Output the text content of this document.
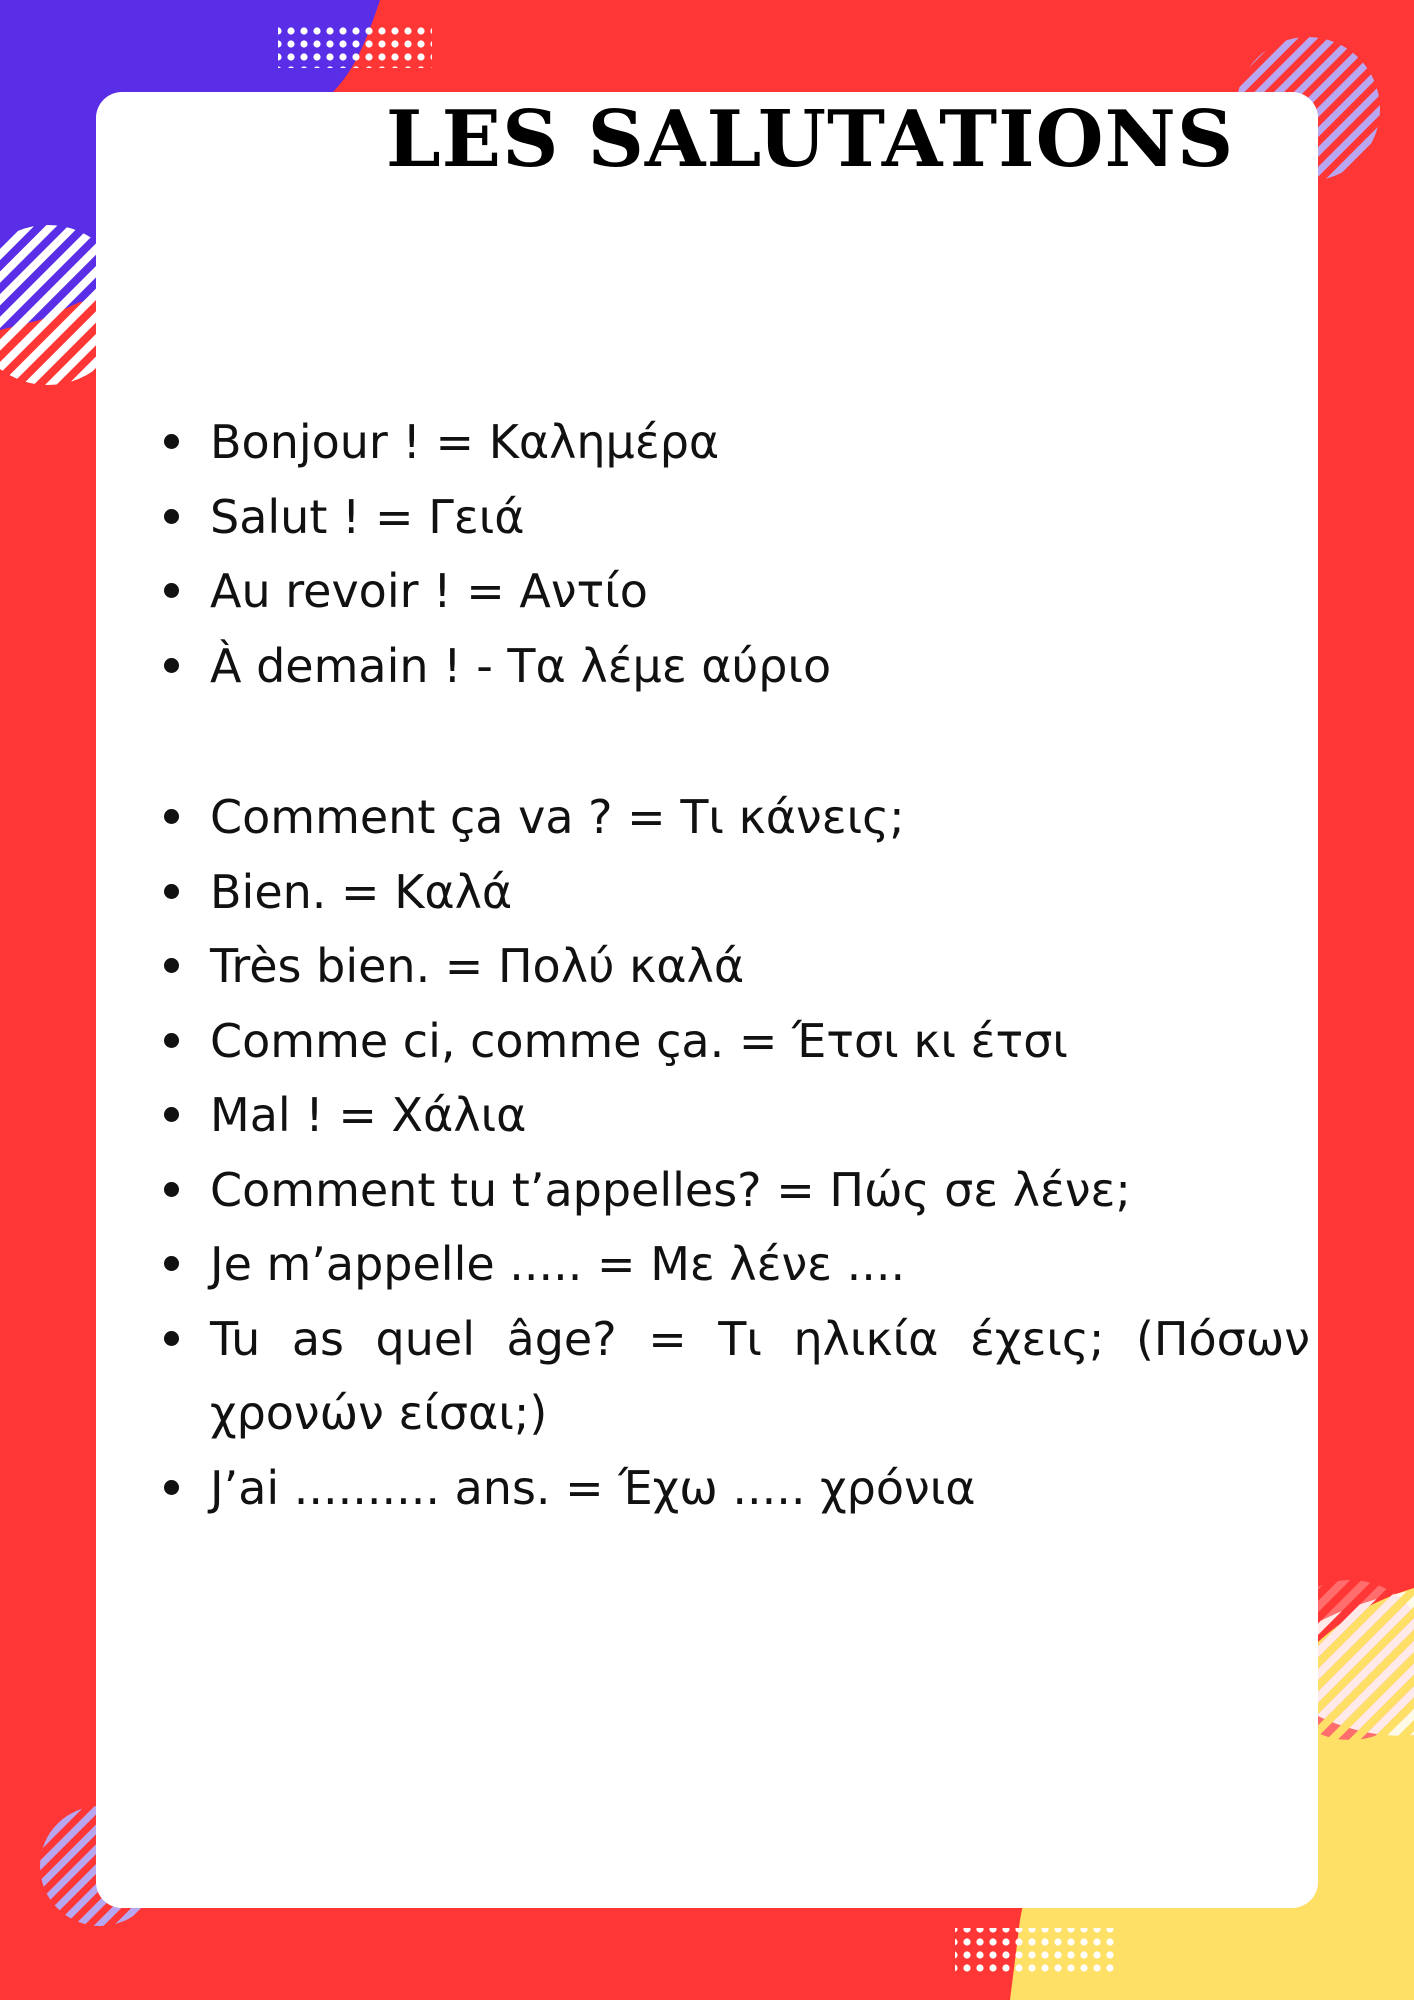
LES SALUTATIONS
Bonjour ! = Καλημέρα
Salut ! = Γειά
Au revoir ! = Αντίο
À demain ! - Τα λέμε αύριο
Comment ça va ? = Τι κάνεις;
Bien. = Καλά
Très bien. = Πολύ καλά
Comme ci, comme ça. = Έτσι κι έτσι
Mal ! = Χάλια
Comment tu t’appelles? = Πώς σε λένε;
Je m’appelle ..... = Με λένε ....
Tu as quel âge? = Τι ηλικία έχεις; (Πόσων χρονών είσαι;)
J’ai .......... ans. = Έχω ..... χρόνια
